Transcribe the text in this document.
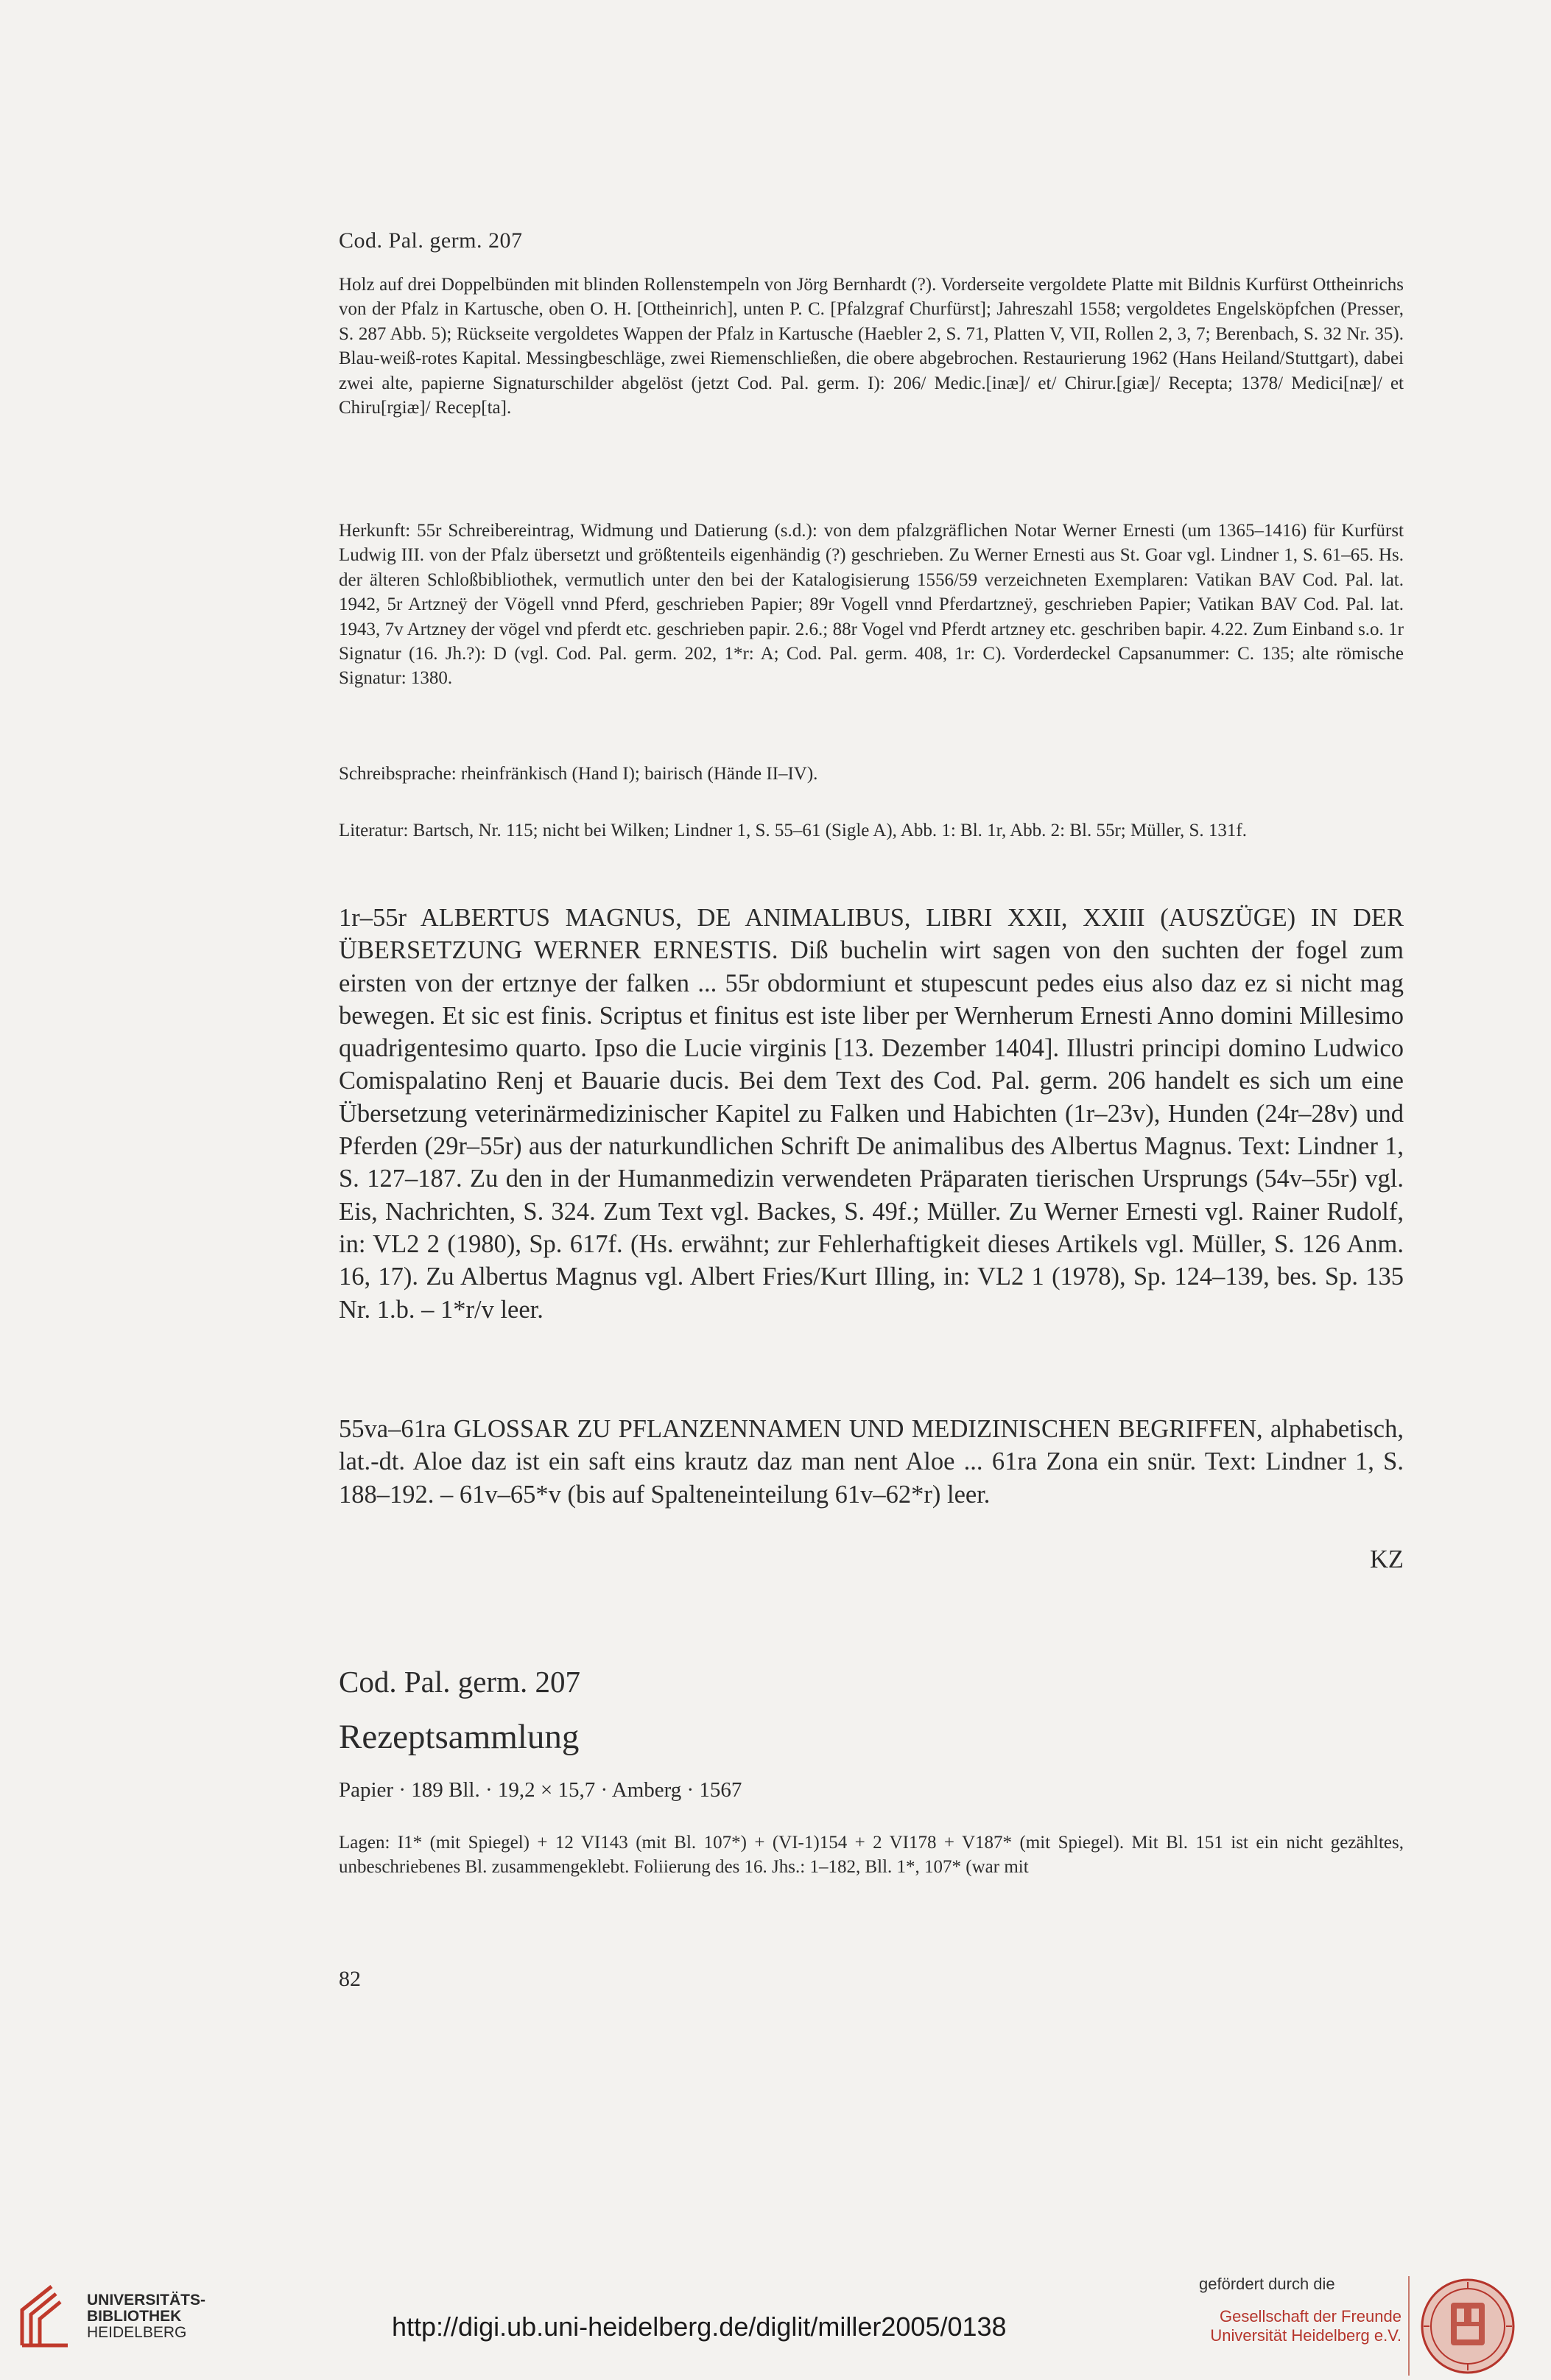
Cod. Pal. germ. 207

Holz auf drei Doppelbünden mit blinden Rollenstempeln von Jörg Bernhardt (?). Vorderseite vergoldete Platte mit Bildnis Kurfürst Ottheinrichs von der Pfalz in Kartusche, oben O. H. [Ottheinrich], unten P. C. [Pfalzgraf Churfürst]; Jahreszahl 1558; vergoldetes Engelsköpfchen (Presser, S. 287 Abb. 5); Rückseite vergoldetes Wappen der Pfalz in Kartusche (Haebler 2, S. 71, Platten V, VII, Rollen 2, 3, 7; Berenbach, S. 32 Nr. 35). Blau-weiß-rotes Kapital. Messingbeschläge, zwei Riemenschließen, die obere abgebrochen. Restaurierung 1962 (Hans Heiland/Stuttgart), dabei zwei alte, papierne Signaturschilder abgelöst (jetzt Cod. Pal. germ. I): 206/ Medic.[inæ]/ et/ Chirur.[giæ]/ Recepta; 1378/ Medici[næ]/ et Chiru[rgiæ]/ Recep[ta].

Herkunft: 55r Schreibereintrag, Widmung und Datierung (s.d.): von dem pfalzgräflichen Notar Werner Ernesti (um 1365–1416) für Kurfürst Ludwig III. von der Pfalz übersetzt und größtenteils eigenhändig (?) geschrieben. Zu Werner Ernesti aus St. Goar vgl. Lindner 1, S. 61–65. Hs. der älteren Schloßbibliothek, vermutlich unter den bei der Katalogisierung 1556/59 verzeichneten Exemplaren: Vatikan BAV Cod. Pal. lat. 1942, 5r Artzneÿ der Vögell vnnd Pferd, geschrieben Papier; 89r Vogell vnnd Pferdartzneÿ, geschrieben Papier; Vatikan BAV Cod. Pal. lat. 1943, 7v Artzney der vögel vnd pferdt etc. geschrieben papir. 2.6.; 88r Vogel vnd Pferdt artzney etc. geschriben bapir. 4.22. Zum Einband s.o. 1r Signatur (16. Jh.?): D (vgl. Cod. Pal. germ. 202, 1*r: A; Cod. Pal. germ. 408, 1r: C). Vorderdeckel Capsanummer: C. 135; alte römische Signatur: 1380.

Schreibsprache: rheinfränkisch (Hand I); bairisch (Hände II–IV).

Literatur: Bartsch, Nr. 115; nicht bei Wilken; Lindner 1, S. 55–61 (Sigle A), Abb. 1: Bl. 1r, Abb. 2: Bl. 55r; Müller, S. 131f.

1r–55r ALBERTUS MAGNUS, DE ANIMALIBUS, LIBRI XXII, XXIII (AUSZÜGE) IN DER ÜBERSETZUNG WERNER ERNESTIS. Diß buchelin wirt sagen von den suchten der fogel zum eirsten von der ertznye der falken ... 55r obdormiunt et stupescunt pedes eius also daz ez si nicht mag bewegen. Et sic est finis. Scriptus et finitus est iste liber per Wernherum Ernesti Anno domini Millesimo quadrigentesimo quarto. Ipso die Lucie virginis [13. Dezember 1404]. Illustri principi domino Ludwico Comispalatino Renj et Bauarie ducis. Bei dem Text des Cod. Pal. germ. 206 handelt es sich um eine Übersetzung veterinärmedizinischer Kapitel zu Falken und Habichten (1r–23v), Hunden (24r–28v) und Pferden (29r–55r) aus der naturkundlichen Schrift De animalibus des Albertus Magnus. Text: Lindner 1, S. 127–187. Zu den in der Humanmedizin verwendeten Präparaten tierischen Ursprungs (54v–55r) vgl. Eis, Nachrichten, S. 324. Zum Text vgl. Backes, S. 49f.; Müller. Zu Werner Ernesti vgl. Rainer Rudolf, in: VL2 2 (1980), Sp. 617f. (Hs. erwähnt; zur Fehlerhaftigkeit dieses Artikels vgl. Müller, S. 126 Anm. 16, 17). Zu Albertus Magnus vgl. Albert Fries/Kurt Illing, in: VL2 1 (1978), Sp. 124–139, bes. Sp. 135 Nr. 1.b. – 1*r/v leer.

55va–61ra GLOSSAR ZU PFLANZENNAMEN UND MEDIZINISCHEN BEGRIFFEN, alphabetisch, lat.-dt. Aloe daz ist ein saft eins krautz daz man nent Aloe ... 61ra Zona ein snür. Text: Lindner 1, S. 188–192. – 61v–65*v (bis auf Spalteneinteilung 61v–62*r) leer.

KZ
Cod. Pal. germ. 207
Rezeptsammlung
Papier · 189 Bll. · 19,2 × 15,7 · Amberg · 1567

Lagen: I1* (mit Spiegel) + 12 VI143 (mit Bl. 107*) + (VI-1)154 + 2 VI178 + V187* (mit Spiegel). Mit Bl. 151 ist ein nicht gezähltes, unbeschriebenes Bl. zusammengeklebt. Foliierung des 16. Jhs.: 1–182, Bll. 1*, 107* (war mit

82
UNIVERSITÄTS-
BIBLIOTHEK
HEIDELBERG	http://digi.ub.uni-heidelberg.de/diglit/miller2005/0138
gefördert durch die
Gesellschaft der Freunde
Universität Heidelberg e.V.
